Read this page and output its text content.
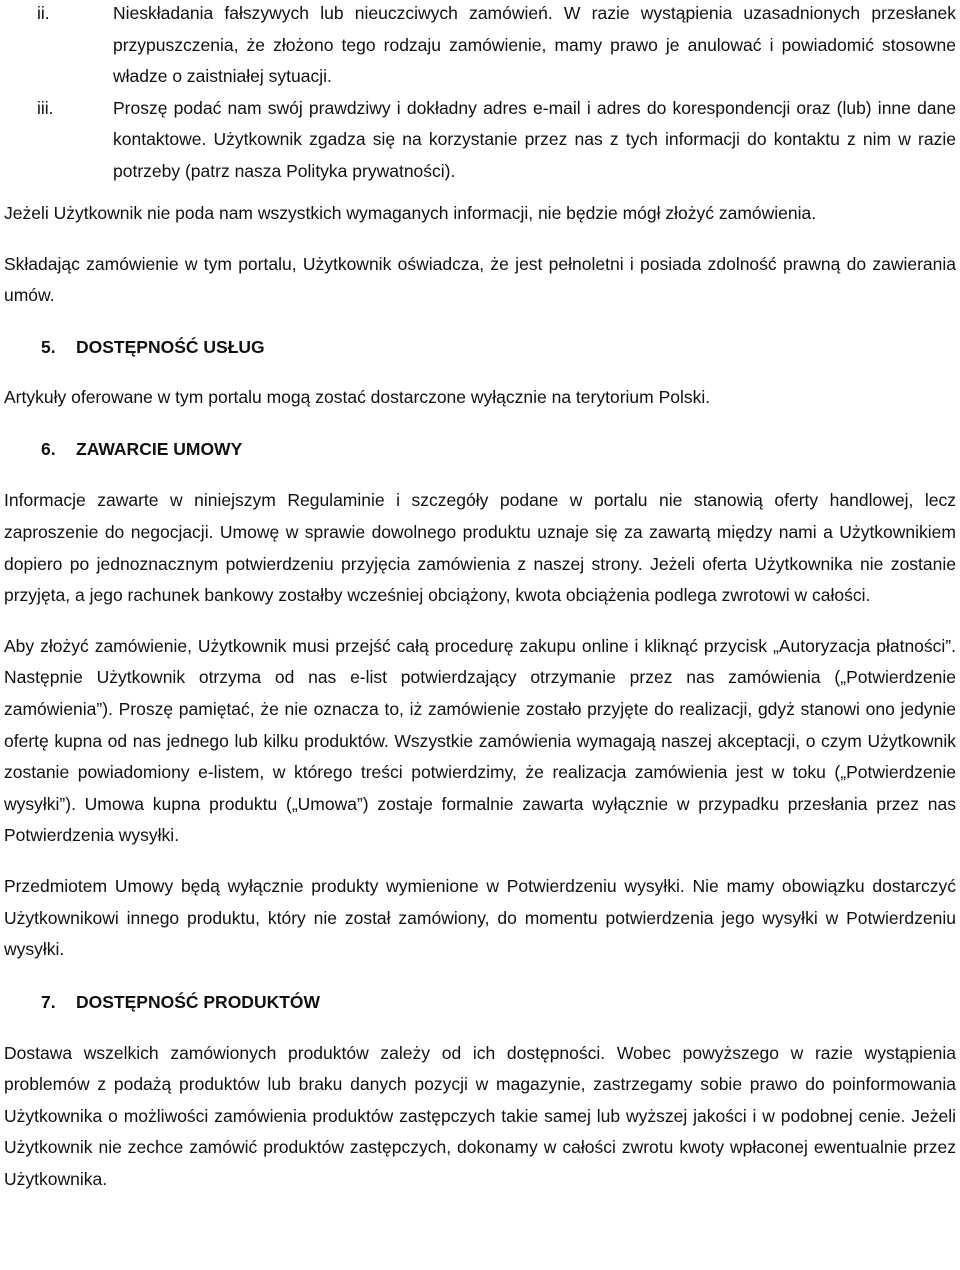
ii.	Nieskładania fałszywych lub nieuczciwych zamówień. W razie wystąpienia uzasadnionych przesłanek przypuszczenia, że złożono tego rodzaju zamówienie, mamy prawo je anulować i powiadomić stosowne władze o zaistniałej sytuacji.
iii.	Proszę podać nam swój prawdziwy i dokładny adres e-mail i adres do korespondencji oraz (lub) inne dane kontaktowe. Użytkownik zgadza się na korzystanie przez nas z tych informacji do kontaktu z nim w razie potrzeby (patrz nasza Polityka prywatności).

Jeżeli Użytkownik nie poda nam wszystkich wymaganych informacji, nie będzie mógł złożyć zamówienia.

Składając zamówienie w tym portalu, Użytkownik oświadcza, że jest pełnoletni i posiada zdolność prawną do zawierania umów.

5.	DOSTĘPNOŚĆ USŁUG

Artykuły oferowane w tym portalu mogą zostać dostarczone wyłącznie na terytorium Polski.

6.	ZAWARCIE UMOWY

Informacje zawarte w niniejszym Regulaminie i szczegóły podane w portalu nie stanowią oferty handlowej, lecz zaproszenie do negocjacji. Umowę w sprawie dowolnego produktu uznaje się za zawartą między nami a Użytkownikiem dopiero po jednoznacznym potwierdzeniu przyjęcia zamówienia z naszej strony. Jeżeli oferta Użytkownika nie zostanie przyjęta, a jego rachunek bankowy zostałby wcześniej obciążony, kwota obciążenia podlega zwrotowi w całości.

Aby złożyć zamówienie, Użytkownik musi przejść całą procedurę zakupu online i kliknąć przycisk „Autoryzacja płatności”. Następnie Użytkownik otrzyma od nas e-list potwierdzający otrzymanie przez nas zamówienia („Potwierdzenie zamówienia”). Proszę pamiętać, że nie oznacza to, iż zamówienie zostało przyjęte do realizacji, gdyż stanowi ono jedynie ofertę kupna od nas jednego lub kilku produktów. Wszystkie zamówienia wymagają naszej akceptacji, o czym Użytkownik zostanie powiadomiony e-listem, w którego treści potwierdzimy, że realizacja zamówienia jest w toku („Potwierdzenie wysyłki”). Umowa kupna produktu („Umowa”) zostaje formalnie zawarta wyłącznie w przypadku przesłania przez nas Potwierdzenia wysyłki.

Przedmiotem Umowy będą wyłącznie produkty wymienione w Potwierdzeniu wysyłki. Nie mamy obowiązku dostarczyć Użytkownikowi innego produktu, który nie został zamówiony, do momentu potwierdzenia jego wysyłki w Potwierdzeniu wysyłki.

7.	DOSTĘPNOŚĆ PRODUKTÓW

Dostawa wszelkich zamówionych produktów zależy od ich dostępności. Wobec powyższego w razie wystąpienia problemów z podażą produktów lub braku danych pozycji w magazynie, zastrzegamy sobie prawo do poinformowania Użytkownika o możliwości zamówienia produktów zastępczych takie samej lub wyższej jakości i w podobnej cenie. Jeżeli Użytkownik nie zechce zamówić produktów zastępczych, dokonamy w całości zwrotu kwoty wpłaconej ewentualnie przez Użytkownika.
